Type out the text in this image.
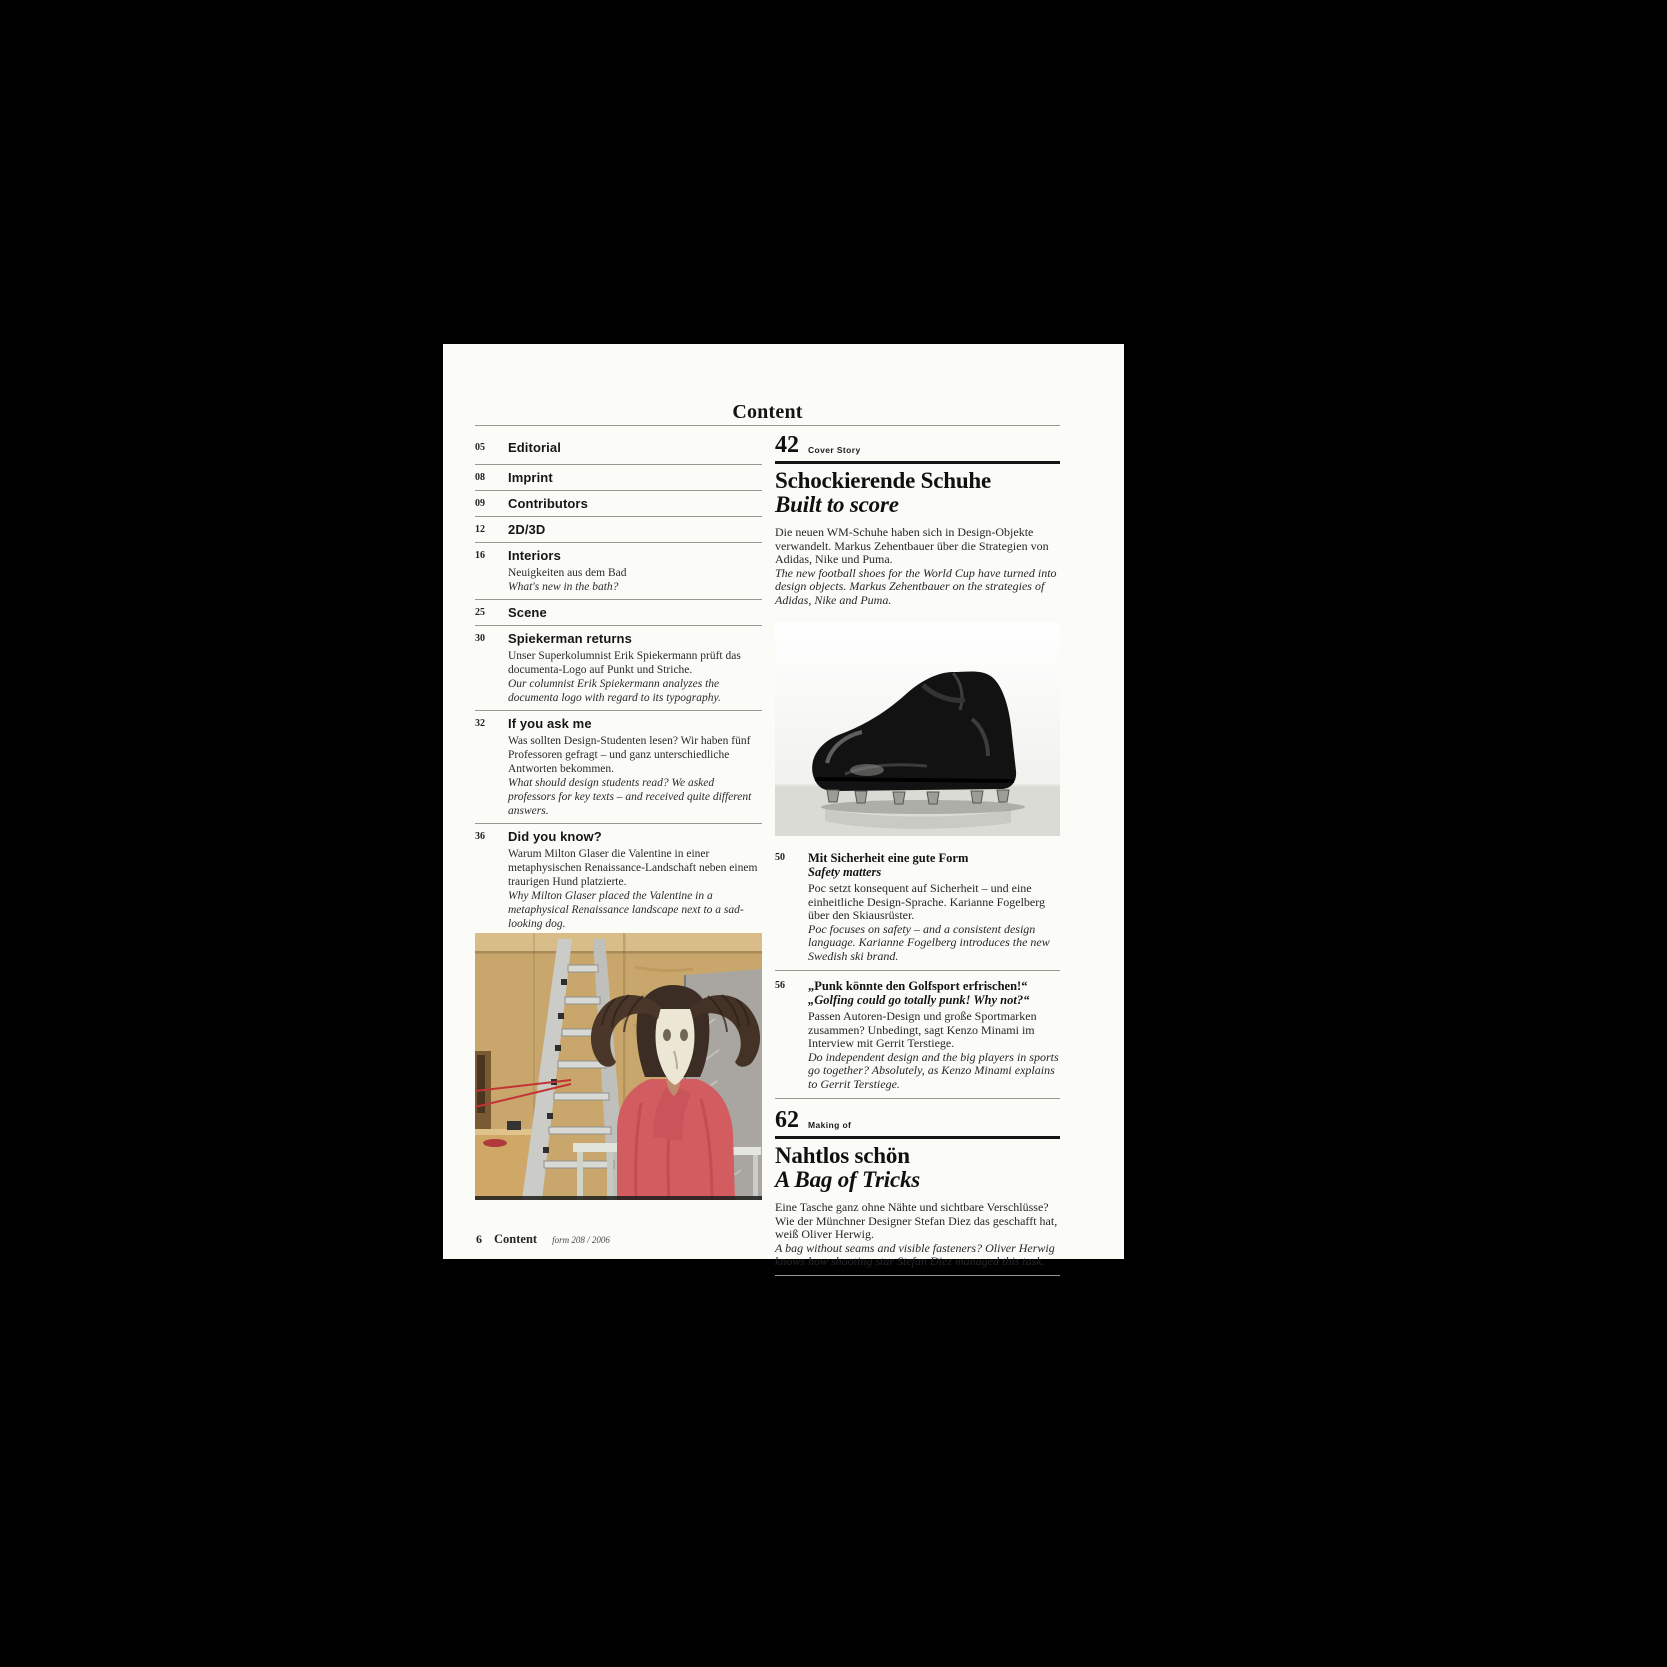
Content
05	Editorial
08	Imprint
09	Contributors
12	2D/3D
16	Interiors
Neuigkeiten aus dem Bad
What's new in the bath?
25	Scene
30	Spiekerman returns
Unser Superkolumnist Erik Spiekermann prüft das documenta-Logo auf Punkt und Striche.
Our columnist Erik Spiekermann analyzes the documenta logo with regard to its typography.
32	If you ask me
Was sollten Design-Studenten lesen? Wir haben fünf Professoren gefragt – und ganz unterschiedliche Antworten bekommen.
What should design students read? We asked professors for key texts – and received quite different answers.
36	Did you know?
Warum Milton Glaser die Valentine in einer metaphysischen Renaissance-Landschaft neben einem traurigen Hund platzierte.
Why Milton Glaser placed the Valentine in a metaphysical Renaissance landscape next to a sad-looking dog.
42 Cover Story
Schockierende Schuhe
Built to score
Die neuen WM-Schuhe haben sich in Design-Objekte verwandelt. Markus Zehentbauer über die Strategien von Adidas, Nike und Puma.
The new football shoes for the World Cup have turned into design objects. Markus Zehentbauer on the strategies of Adidas, Nike and Puma.
50	Mit Sicherheit eine gute Form
Safety matters
Poc setzt konsequent auf Sicherheit – und eine einheitliche Design-Sprache. Karianne Fogelberg über den Skiausrüster.
Poc focuses on safety – and a consistent design language. Karianne Fogelberg introduces the new Swedish ski brand.
56	„Punk könnte den Golfsport erfrischen!“
„Golfing could go totally punk! Why not?“
Passen Autoren-Design und große Sportmarken zusammen? Unbedingt, sagt Kenzo Minami im Interview mit Gerrit Terstiege.
Do independent design and the big players in sports go together? Absolutely, as Kenzo Minami explains to Gerrit Terstiege.
62 Making of
Nahtlos schön
A Bag of Tricks
Eine Tasche ganz ohne Nähte und sichtbare Verschlüsse? Wie der Münchner Designer Stefan Diez das geschafft hat, weiß Oliver Herwig.
A bag without seams and visible fasteners? Oliver Herwig knows how shooting star Stefan Diez managed this task.
6 Content form 208 / 2006
